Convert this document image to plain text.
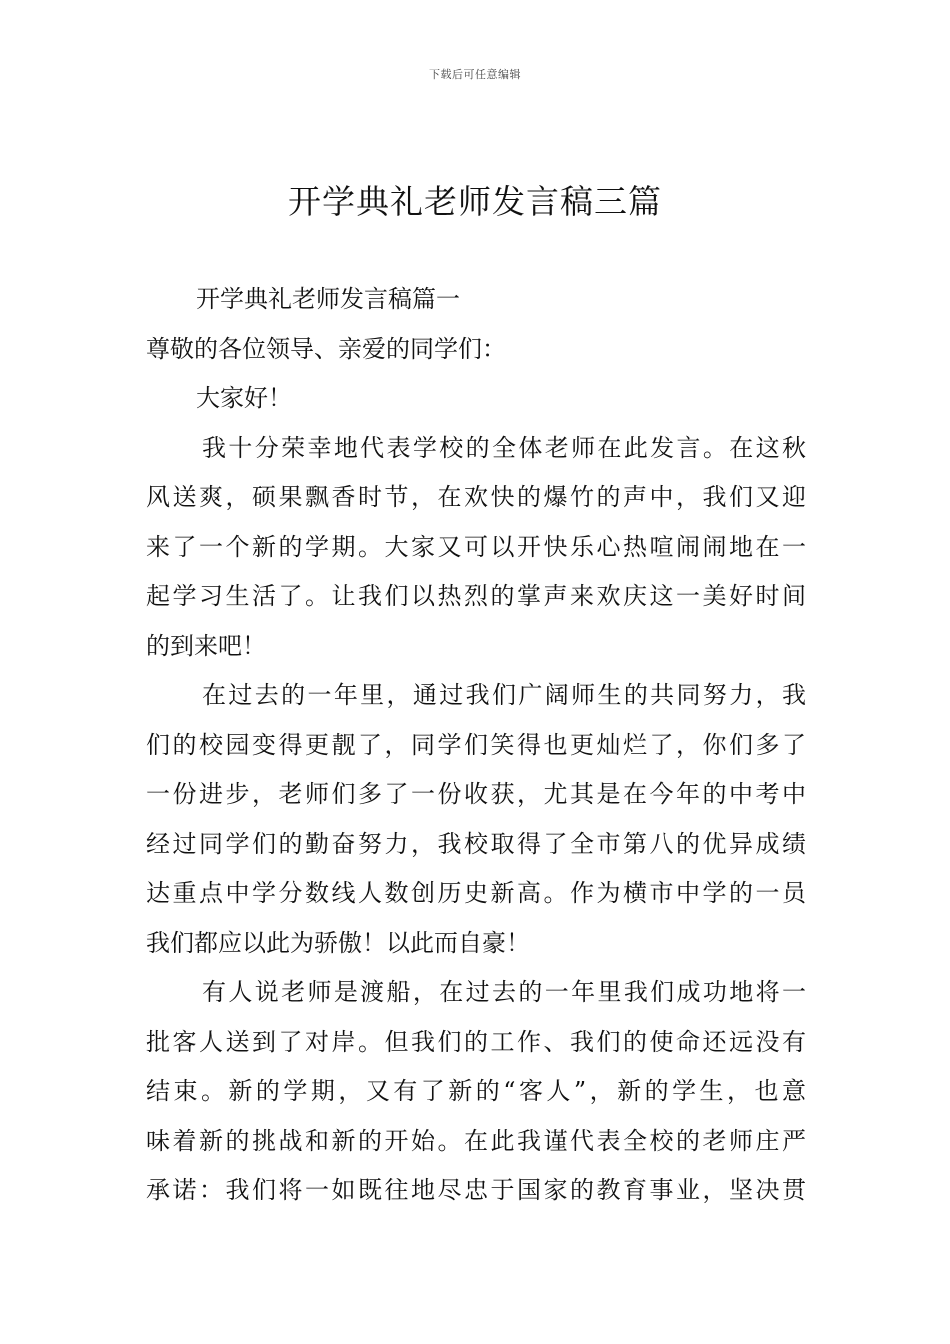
下载后可任意编辑
开学典礼老师发言稿三篇
开学典礼老师发言稿篇一
尊敬的各位领导、亲爱的同学们：
大家好！
我十分荣幸地代表学校的全体老师在此发言。在这秋
风送爽，硕果飘香时节，在欢快的爆竹的声中，我们又迎
来了一个新的学期。大家又可以开快乐心热喧闹闹地在一
起学习生活了。让我们以热烈的掌声来欢庆这一美好时间
的到来吧！
在过去的一年里，通过我们广阔师生的共同努力，我
们的校园变得更靓了，同学们笑得也更灿烂了，你们多了
一份进步，老师们多了一份收获，尤其是在今年的中考中
经过同学们的勤奋努力，我校取得了全市第八的优异成绩
达重点中学分数线人数创历史新高。作为横市中学的一员
我们都应以此为骄傲！以此而自豪！
有人说老师是渡船，在过去的一年里我们成功地将一
批客人送到了对岸。但我们的工作、我们的使命还远没有
结束。新的学期，又有了新的“客人”，新的学生，也意
味着新的挑战和新的开始。在此我谨代表全校的老师庄严
承诺：我们将一如既往地尽忠于国家的教育事业，坚决贯
